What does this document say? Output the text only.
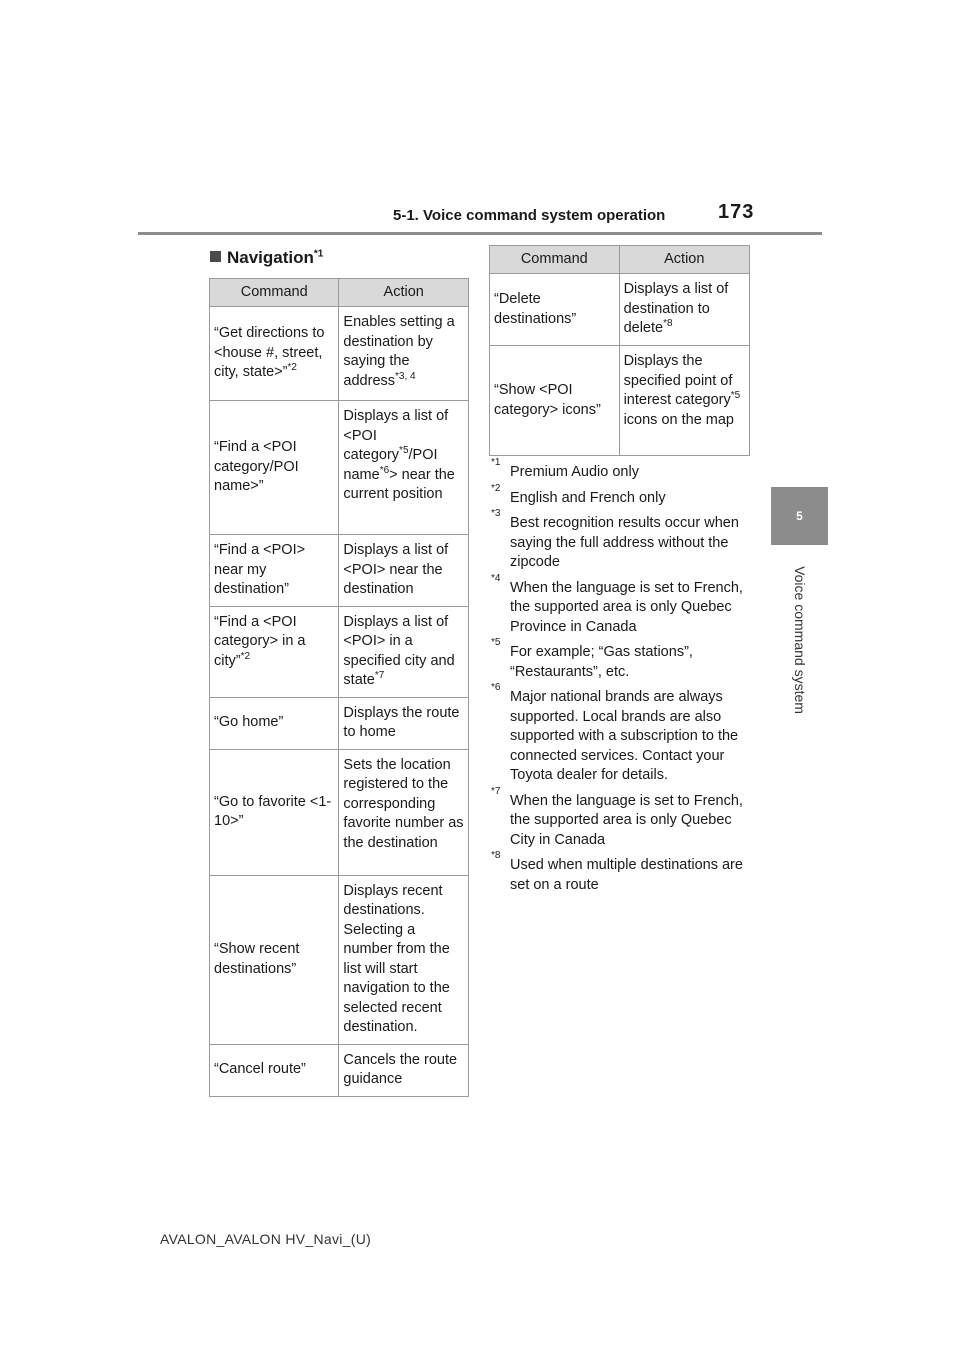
5-1. Voice command system operation	173
5
Voice command system
Navigation$^{*1}$
Command	Action
“Get directions to <house #, street, city, state>”$^{*2}$	Enables setting a destination by saying the address$^{*3, 4}$
“Find a <POI category/POI name>”	Displays a list of <POI category$^{*5}$/POI name$^{*6}$> near the current position
“Find a <POI> near my destination”	Displays a list of <POI> near the destination
“Find a <POI category> in a city”$^{*2}$	Displays a list of <POI> in a specified city and state$^{*7}$
“Go home”	Displays the route to home
“Go to favorite <1-10>”	Sets the location registered to the corresponding favorite number as the destination
“Show recent destinations”	Displays recent destinations. Selecting a number from the list will start navigation to the selected recent destination.
“Cancel route”	Cancels the route guidance
Command	Action
“Delete destinations”	Displays a list of destination to delete$^{*8}$
“Show <POI category> icons”	Displays the specified point of interest category$^{*5}$ icons on the map
*1
Premium Audio only
*2
English and French only
*3
Best recognition results occur when saying the full address without the zipcode
*4
When the language is set to French, the supported area is only Quebec Province in Canada
*5
For example; “Gas stations”, “Restaurants”, etc.
*6
Major national brands are always supported. Local brands are also supported with a subscription to the connected services. Contact your Toyota dealer for details.
*7
When the language is set to French, the supported area is only Quebec City in Canada
*8
Used when multiple destinations are set on a route
AVALON_AVALON HV_Navi_(U)
